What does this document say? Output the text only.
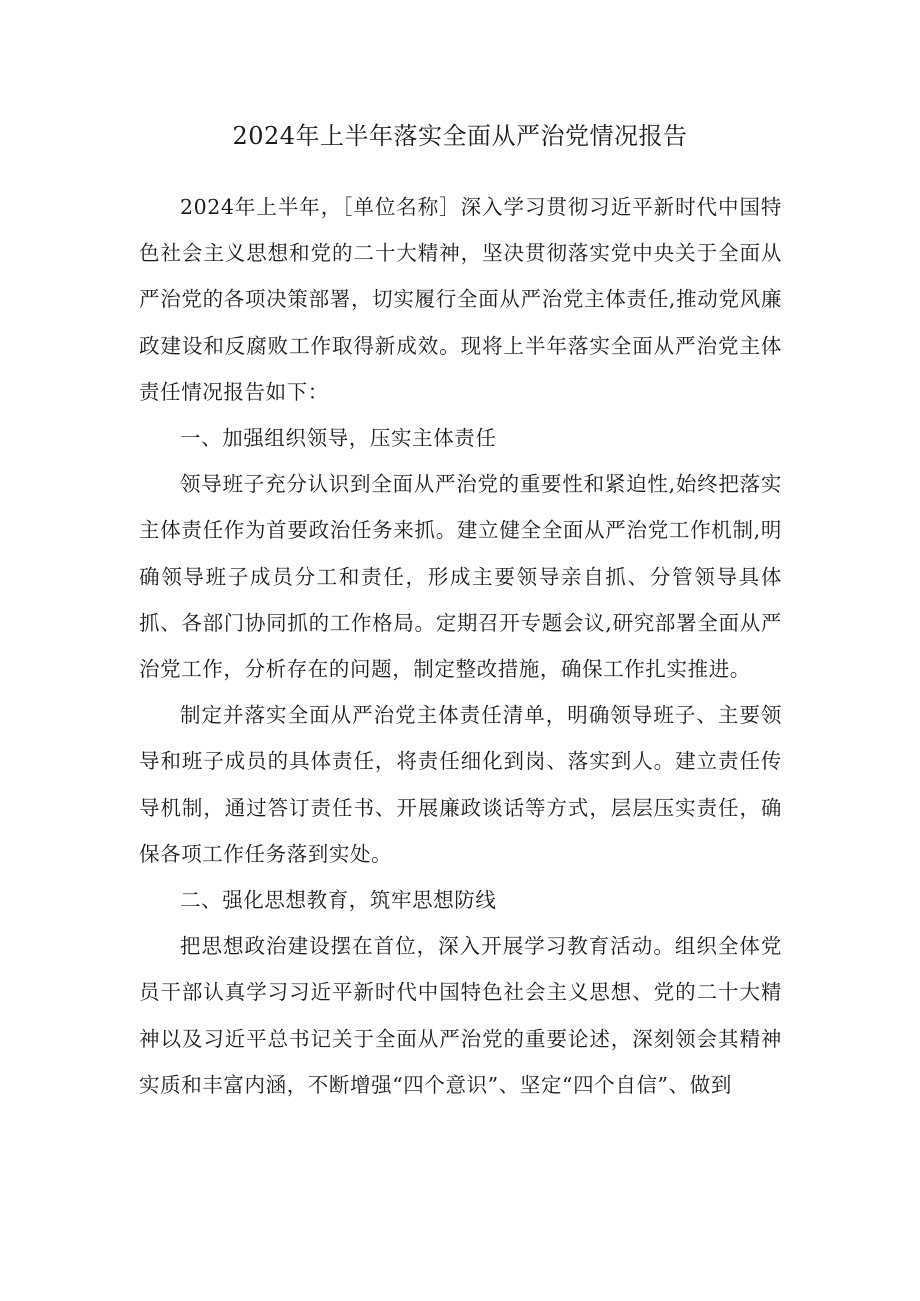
2024年上半年落实全面从严治党情况报告

2024年上半年，［单位名称］深入学习贯彻习近平新时代中国特色社会主义思想和党的二十大精神，坚决贯彻落实党中央关于全面从严治党的各项决策部署，切实履行全面从严治党主体责任,推动党风廉政建设和反腐败工作取得新成效。现将上半年落实全面从严治党主体责任情况报告如下：

一、加强组织领导，压实主体责任

领导班子充分认识到全面从严治党的重要性和紧迫性,始终把落实主体责任作为首要政治任务来抓。建立健全全面从严治党工作机制,明确领导班子成员分工和责任，形成主要领导亲自抓、分管领导具体抓、各部门协同抓的工作格局。定期召开专题会议,研究部署全面从严治党工作，分析存在的问题，制定整改措施，确保工作扎实推进。

制定并落实全面从严治党主体责任清单，明确领导班子、主要领导和班子成员的具体责任，将责任细化到岗、落实到人。建立责任传导机制，通过答订责任书、开展廉政谈话等方式，层层压实责任，确保各项工作任务落到实处。

二、强化思想教育，筑牢思想防线

把思想政治建设摆在首位，深入开展学习教育活动。组织全体党员干部认真学习习近平新时代中国特色社会主义思想、党的二十大精神以及习近平总书记关于全面从严治党的重要论述，深刻领会其精神实质和丰富内涵，不断增强“四个意识”、坚定“四个自信”、做到
